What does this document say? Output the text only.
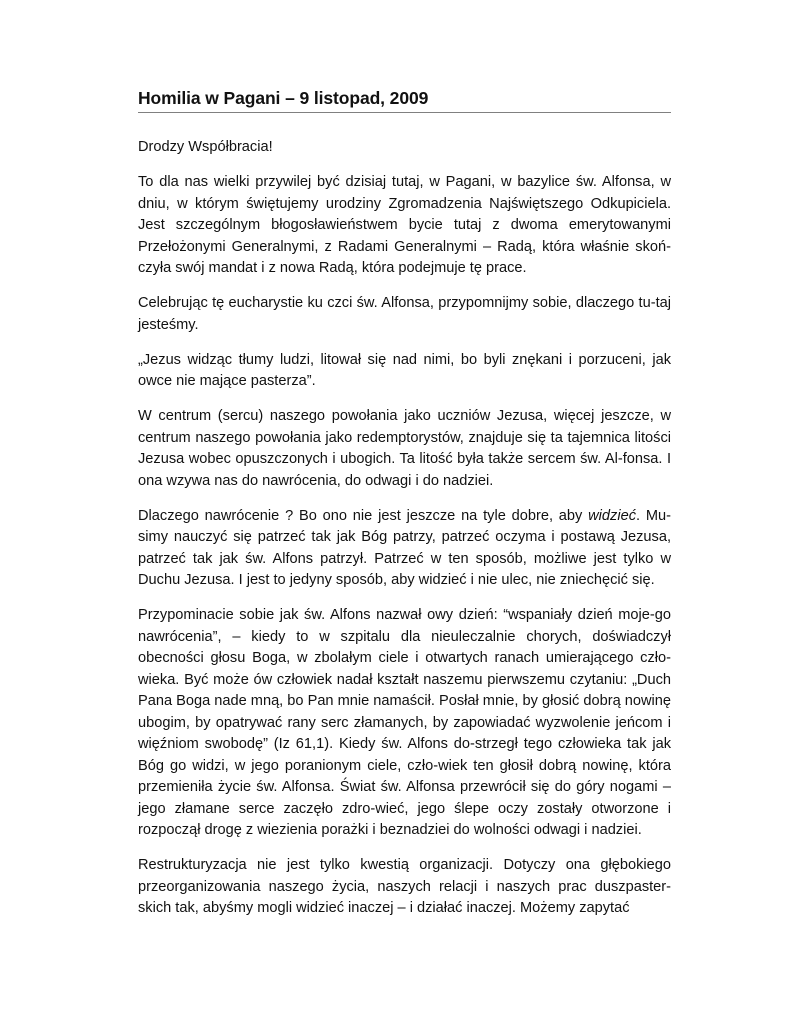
Homilia w Pagani – 9 listopad, 2009

Drodzy Współbracia!

To dla nas wielki przywilej być dzisiaj tutaj, w Pagani, w bazylice św. Alfonsa, w dniu, w którym świętujemy urodziny Zgromadzenia Najświętszego Odkupiciela. Jest szczególnym błogosławieństwem bycie tutaj z dwoma emerytowanymi Przełożonymi Generalnymi, z Radami Generalnymi – Radą, która właśnie skoń-czyła swój mandat i z nowa Radą, która podejmuje tę prace.

Celebrując tę eucharystie ku czci św. Alfonsa, przypomnijmy sobie, dlaczego tu-taj jesteśmy.

„Jezus widząc tłumy ludzi, litował się nad nimi, bo byli znękani i porzuceni, jak owce nie mające pasterza”.

W centrum (sercu) naszego powołania jako uczniów Jezusa, więcej jeszcze, w centrum naszego powołania jako redemptorystów, znajduje się ta tajemnica litości Jezusa wobec opuszczonych i ubogich. Ta litość była także sercem św. Al-fonsa. I ona wzywa nas do nawrócenia, do odwagi i do nadziei.

Dlaczego nawrócenie ? Bo ono nie jest jeszcze na tyle dobre, aby widzieć. Mu-simy nauczyć się patrzeć tak jak Bóg patrzy, patrzeć oczyma i postawą Jezusa, patrzeć tak jak św. Alfons patrzył. Patrzeć w ten sposób, możliwe jest tylko w Duchu Jezusa. I jest to jedyny sposób, aby widzieć i nie ulec, nie zniechęcić się.

Przypominacie sobie jak św. Alfons nazwał owy dzień: “wspaniały dzień moje-go nawrócenia”, – kiedy to w szpitalu dla nieuleczalnie chorych, doświadczył obecności głosu Boga, w zbolałym ciele i otwartych ranach umierającego czło-wieka. Być może ów człowiek nadał kształt naszemu pierwszemu czytaniu: „Duch Pana Boga nade mną, bo Pan mnie namaścił. Posłał mnie, by głosić dobrą nowinę ubogim, by opatrywać rany serc złamanych, by zapowiadać wyzwolenie jeńcom i więźniom swobodę” (Iz 61,1). Kiedy św. Alfons do-strzegł tego człowieka tak jak Bóg go widzi, w jego poranionym ciele, czło-wiek ten głosił dobrą nowinę, która przemieniła życie św. Alfonsa. Świat św. Alfonsa przewrócił się do góry nogami – jego złamane serce zaczęło zdro-wieć, jego ślepe oczy zostały otworzone i rozpoczął drogę z wiezienia porażki i beznadziei do wolności odwagi i nadziei.

Restrukturyzacja nie jest tylko kwestią organizacji. Dotyczy ona głębokiego przeorganizowania naszego życia, naszych relacji i naszych prac duszpaster-skich tak, abyśmy mogli widzieć inaczej – i działać inaczej. Możemy zapytać
